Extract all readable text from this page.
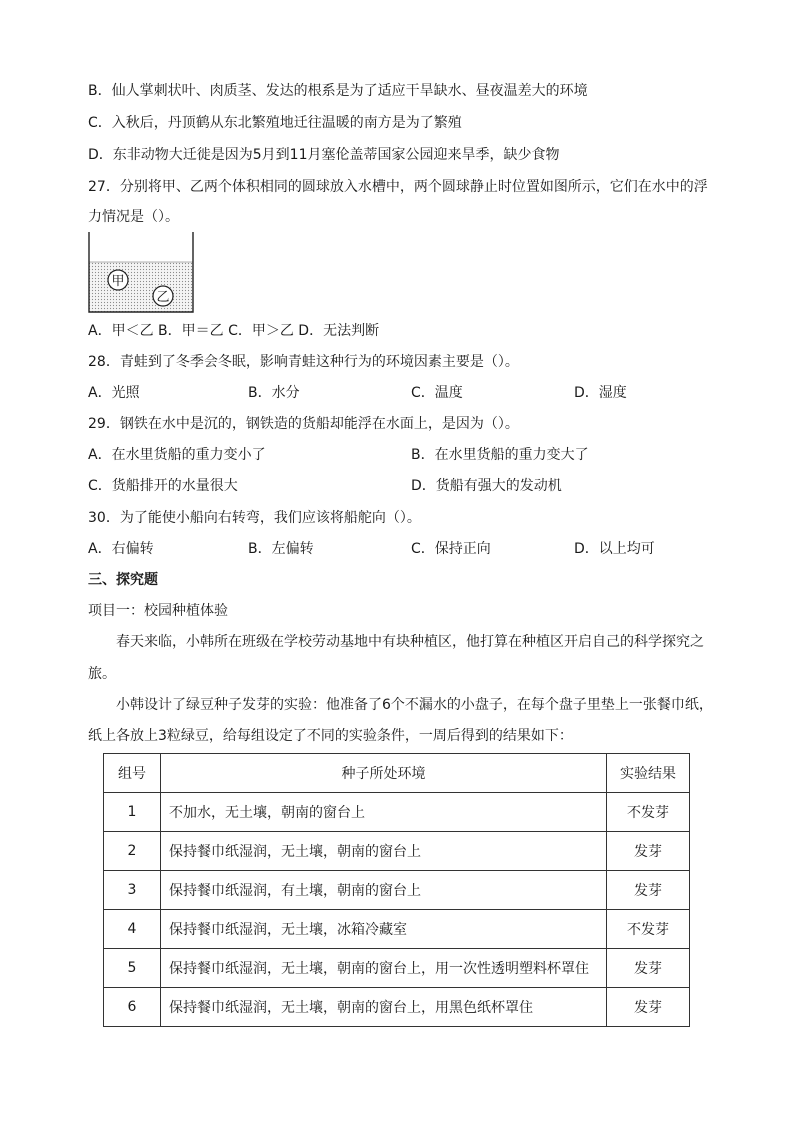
B．仙人掌刺状叶、肉质茎、发达的根系是为了适应干旱缺水、昼夜温差大的环境
C．入秋后，丹顶鹤从东北繁殖地迁往温暖的南方是为了繁殖
D．东非动物大迁徙是因为5月到11月塞伦盖蒂国家公园迎来旱季，缺少食物
27．分别将甲、乙两个体积相同的圆球放入水槽中，两个圆球静止时位置如图所示，它们在水中的浮
力情况是（）。
甲
乙
A．甲＜乙 B．甲＝乙 C．甲＞乙 D．无法判断
28．青蛙到了冬季会冬眠，影响青蛙这种行为的环境因素主要是（）。
A．光照	B．水分	C．温度	D．湿度
29．钢铁在水中是沉的，钢铁造的货船却能浮在水面上，是因为（）。
A．在水里货船的重力变小了	B．在水里货船的重力变大了
C．货船排开的水量很大	D．货船有强大的发动机
30．为了能使小船向右转弯，我们应该将船舵向（）。
A．右偏转	B．左偏转	C．保持正向	D．以上均可
三、探究题
项目一：校园种植体验
春天来临，小韩所在班级在学校劳动基地中有块种植区，他打算在种植区开启自己的科学探究之
旅。
小韩设计了绿豆种子发芽的实验：他准备了6个不漏水的小盘子，在每个盘子里垫上一张餐巾纸，
纸上各放上3粒绿豆，给每组设定了不同的实验条件，一周后得到的结果如下：
组号	种子所处环境	实验结果
1	不加水，无土壤，朝南的窗台上	不发芽
2	保持餐巾纸湿润，无土壤，朝南的窗台上	发芽
3	保持餐巾纸湿润，有土壤，朝南的窗台上	发芽
4	保持餐巾纸湿润，无土壤，冰箱冷藏室	不发芽
5	保持餐巾纸湿润，无土壤，朝南的窗台上，用一次性透明塑料杯罩住	发芽
6	保持餐巾纸湿润，无土壤，朝南的窗台上，用黑色纸杯罩住	发芽
